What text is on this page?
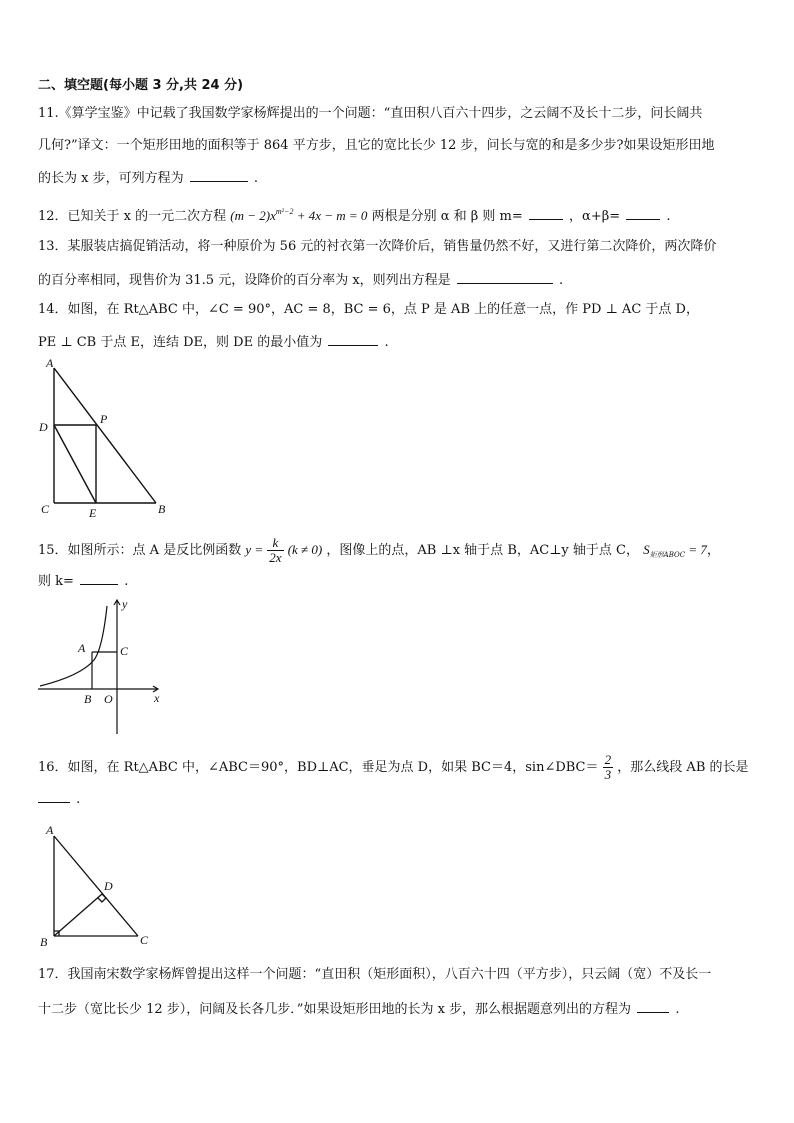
二、填空题(每小题 3 分,共 24 分)
11.《算学宝鉴》中记载了我国数学家杨辉提出的一个问题：“直田积八百六十四步，之云阔不及长十二步，问长阔共
几何?”译文：一个矩形田地的面积等于 864 平方步，且它的宽比长少 12 步，问长与宽的和是多少步?如果设矩形田地
的长为 x 步，可列方程为	.
12．已知关于 x 的一元二次方程 $(m - 2)x^{m^2-2} + 4x - m = 0$ 两根是分别 α 和 β 则 m=	，α+β=	.
13．某服装店搞促销活动，将一种原价为 56 元的衬衣第一次降价后，销售量仍然不好，又进行第二次降价，两次降价
的百分率相同，现售价为 31.5 元，设降价的百分率为 x，则列出方程是	.
14．如图，在 Rt△ABC 中，∠C = 90°，AC = 8，BC = 6，点 P 是 AB 上的任意一点，作 PD ⊥ AC 于点 D，
PE ⊥ CB 于点 E，连结 DE，则 DE 的最小值为	.
A
D
P
C	E	B
15．如图所示：点 A 是反比例函数 $y = \frac{k}{2x} (k \ne 0)$ ，图像上的点，AB ⊥x 轴于点 B，AC⊥y 轴于点 C， $S_{矩形ABOC} = 7$，
则 k=	.
y
x
A	C
B O
16．如图，在 Rt△ABC 中，∠ABC＝90°，BD⊥AC，垂足为点 D，如果 BC＝4，sin∠DBC＝ $\frac{2}{3}$ ，那么线段 AB 的长是
.
A
D
B	C
17．我国南宋数学家杨辉曾提出这样一个问题：“直田积（矩形面积），八百六十四（平方步），只云阔（宽）不及长一
十二步（宽比长少 12 步），问阔及长各几步．”如果设矩形田地的长为 x 步，那么根据题意列出的方程为	.
